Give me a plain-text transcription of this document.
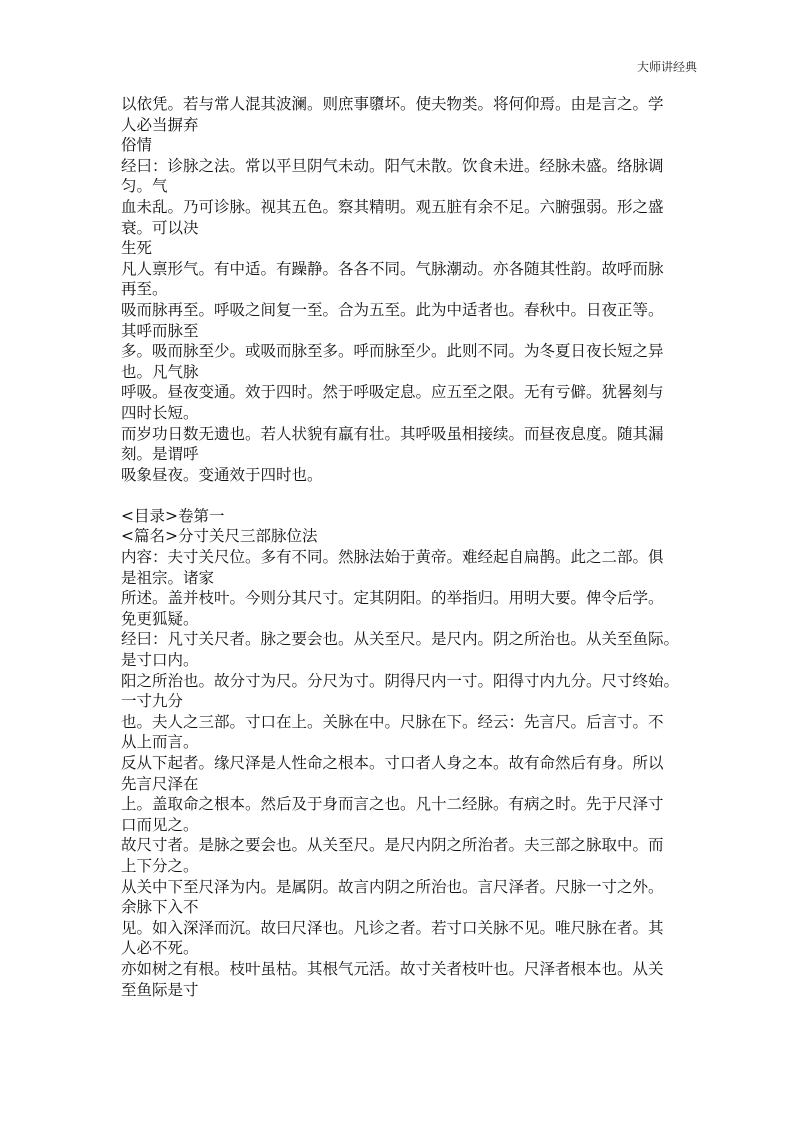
大师讲经典
以依凭。若与常人混其波澜。则庶事隳坏。使夫物类。将何仰焉。由是言之。学
人必当摒弃
俗情
经曰：诊脉之法。常以平旦阴气未动。阳气未散。饮食未进。经脉未盛。络脉调
匀。气
血未乱。乃可诊脉。视其五色。察其精明。观五脏有余不足。六腑强弱。形之盛
衰。可以决
生死
凡人禀形气。有中适。有躁静。各各不同。气脉潮动。亦各随其性韵。故呼而脉
再至。
吸而脉再至。呼吸之间复一至。合为五至。此为中适者也。春秋中。日夜正等。
其呼而脉至
多。吸而脉至少。或吸而脉至多。呼而脉至少。此则不同。为冬夏日夜长短之异
也。凡气脉
呼吸。昼夜变通。效于四时。然于呼吸定息。应五至之限。无有亏僻。犹晷刻与
四时长短。
而岁功日数无遗也。若人状貌有羸有壮。其呼吸虽相接续。而昼夜息度。随其漏
刻。是谓呼
吸象昼夜。变通效于四时也。
<目录>卷第一
<篇名>分寸关尺三部脉位法
内容：夫寸关尺位。多有不同。然脉法始于黄帝。难经起自扁鹊。此之二部。俱
是祖宗。诸家
所述。盖并枝叶。今则分其尺寸。定其阴阳。的举指归。用明大要。俾令后学。
免更狐疑。
经曰：凡寸关尺者。脉之要会也。从关至尺。是尺内。阴之所治也。从关至鱼际。
是寸口内。
阳之所治也。故分寸为尺。分尺为寸。阴得尺内一寸。阳得寸内九分。尺寸终始。
一寸九分
也。夫人之三部。寸口在上。关脉在中。尺脉在下。经云：先言尺。后言寸。不
从上而言。
反从下起者。缘尺泽是人性命之根本。寸口者人身之本。故有命然后有身。所以
先言尺泽在
上。盖取命之根本。然后及于身而言之也。凡十二经脉。有病之时。先于尺泽寸
口而见之。
故尺寸者。是脉之要会也。从关至尺。是尺内阴之所治者。夫三部之脉取中。而
上下分之。
从关中下至尺泽为内。是属阴。故言内阴之所治也。言尺泽者。尺脉一寸之外。
余脉下入不
见。如入深泽而沉。故曰尺泽也。凡诊之者。若寸口关脉不见。唯尺脉在者。其
人必不死。
亦如树之有根。枝叶虽枯。其根气元活。故寸关者枝叶也。尺泽者根本也。从关
至鱼际是寸
